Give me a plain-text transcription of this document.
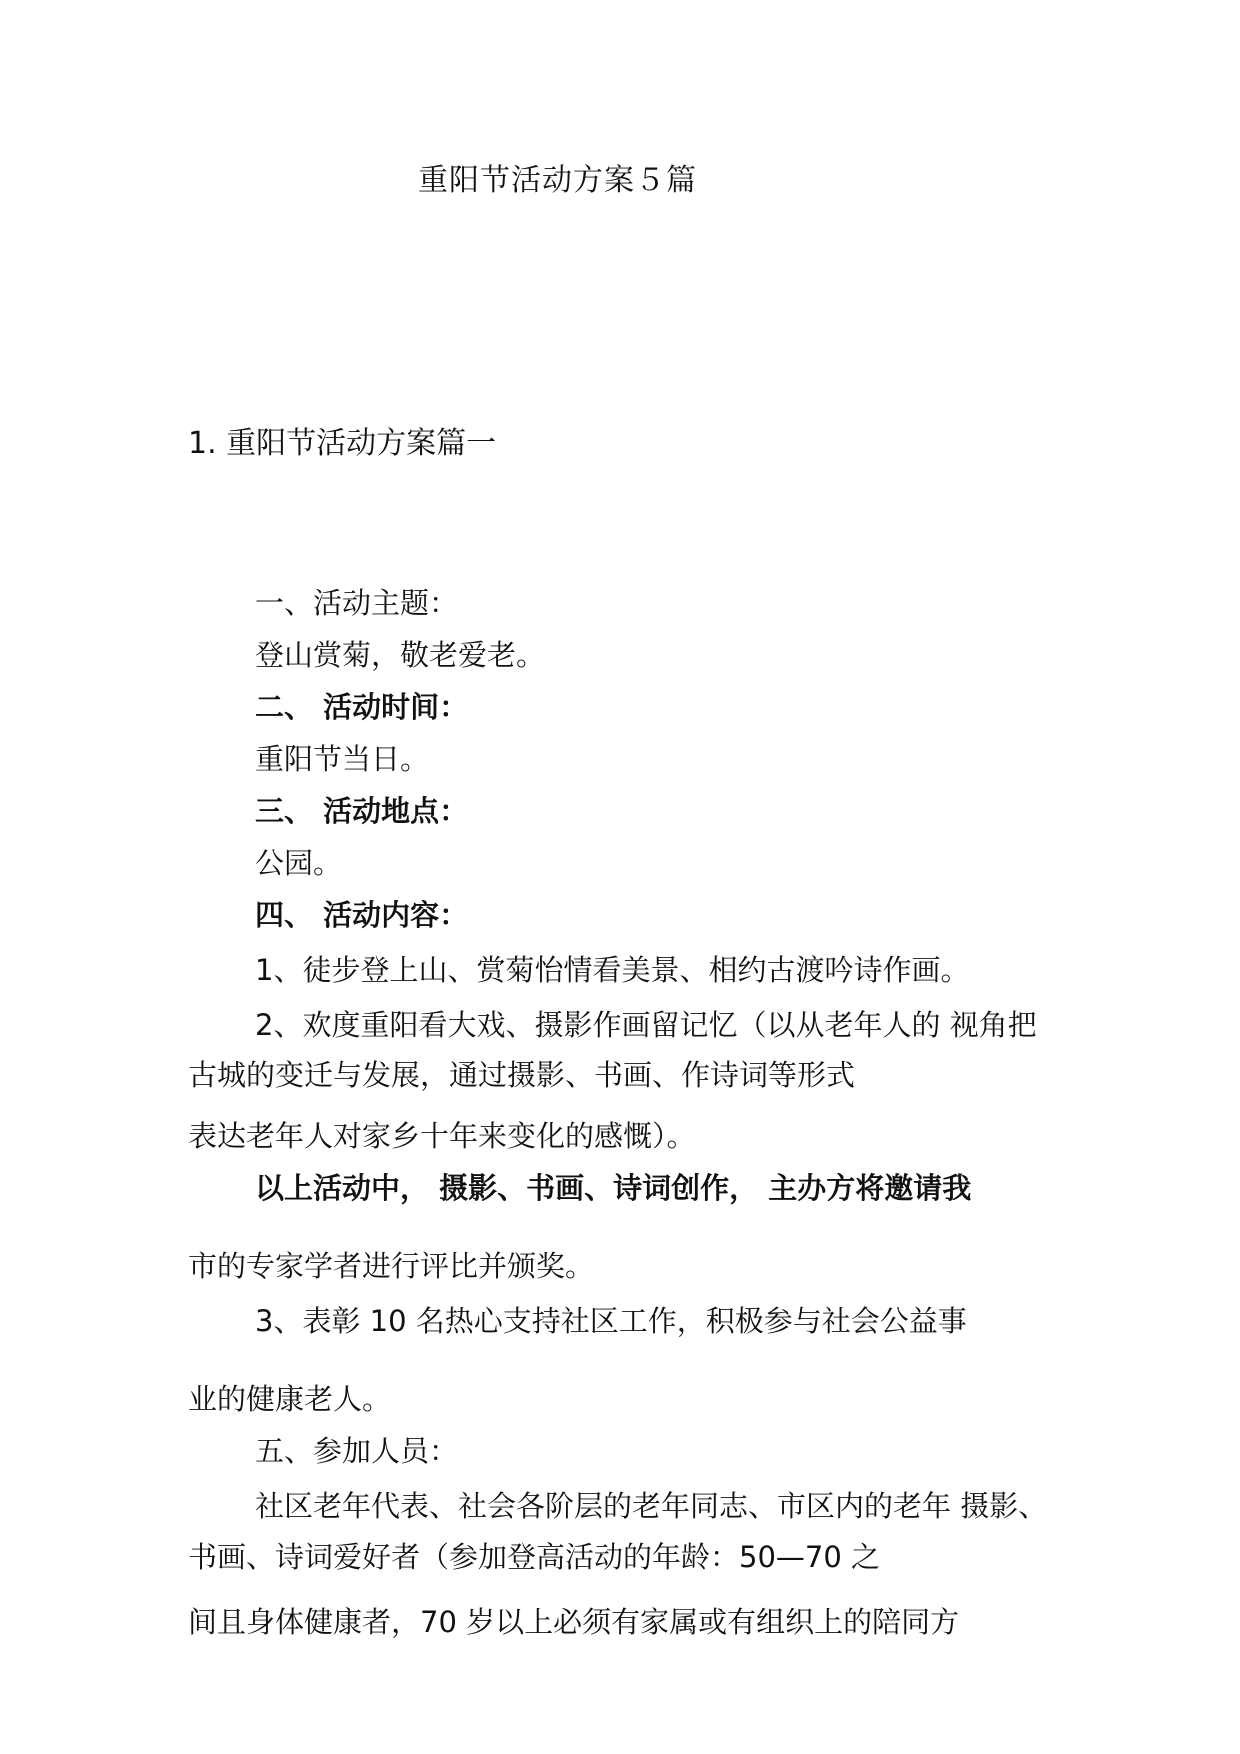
重阳节活动方案５篇
1. 重阳节活动方案篇一
一、活动主题：
登山赏菊，敬老爱老。
二、 活动时间：
重阳节当日。
三、 活动地点：
公园。
四、 活动内容：
1、徒步登上山、赏菊怡情看美景、相约古渡吟诗作画。
2、欢度重阳看大戏、摄影作画留记忆（以从老年人的 视角把
古城的变迁与发展，通过摄影、书画、作诗词等形式
表达老年人对家乡十年来变化的感慨）。
以上活动中， 摄影、书画、诗词创作， 主办方将邀请我
市的专家学者进行评比并颁奖。
3、表彰 10 名热心支持社区工作，积极参与社会公益事
业的健康老人。
五、参加人员：
社区老年代表、社会各阶层的老年同志、市区内的老年 摄影、
书画、诗词爱好者（参加登高活动的年龄：50—70 之
间且身体健康者，70 岁以上必须有家属或有组织上的陪同方
